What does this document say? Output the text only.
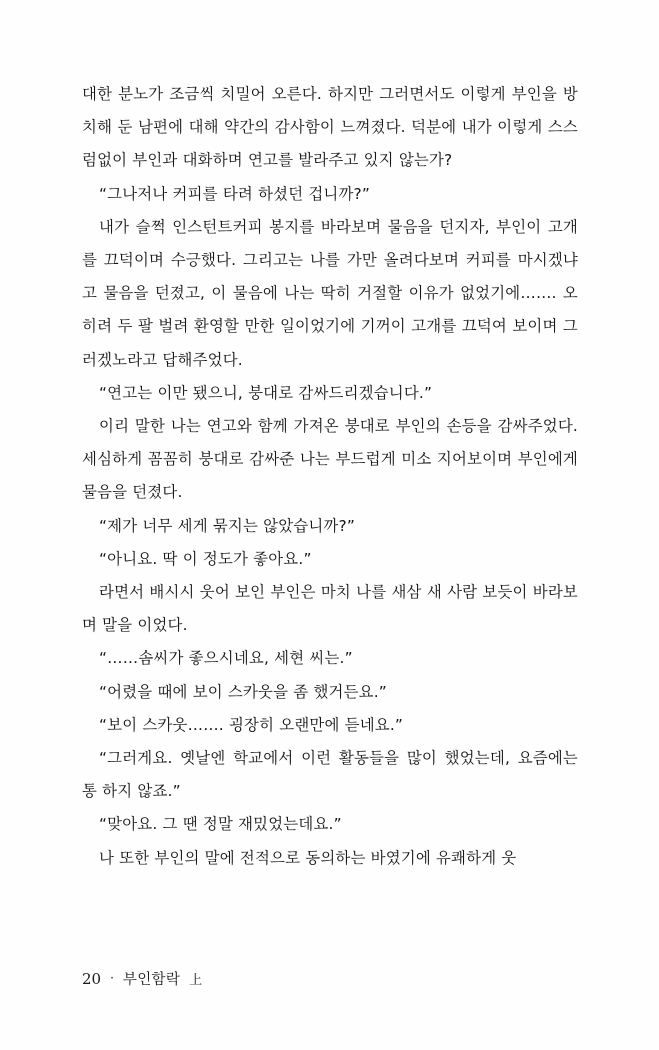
대한 분노가 조금씩 치밀어 오른다. 하지만 그러면서도 이렇게 부인을 방치해 둔 남편에 대해 약간의 감사함이 느껴졌다. 덕분에 내가 이렇게 스스럼없이 부인과 대화하며 연고를 발라주고 있지 않는가?

“그나저나 커피를 타려 하셨던 겁니까?”

내가 슬쩍 인스턴트커피 봉지를 바라보며 물음을 던지자, 부인이 고개를 끄덕이며 수긍했다. 그리고는 나를 가만 올려다보며 커피를 마시겠냐고 물음을 던졌고, 이 물음에 나는 딱히 거절할 이유가 없었기에……. 오히려 두 팔 벌려 환영할 만한 일이었기에 기꺼이 고개를 끄덕여 보이며 그러겠노라고 답해주었다.

“연고는 이만 됐으니, 붕대로 감싸드리겠습니다.”

이리 말한 나는 연고와 함께 가져온 붕대로 부인의 손등을 감싸주었다. 세심하게 꼼꼼히 붕대로 감싸준 나는 부드럽게 미소 지어보이며 부인에게 물음을 던졌다.

“제가 너무 세게 묶지는 않았습니까?”

“아니요. 딱 이 정도가 좋아요.”

라면서 배시시 웃어 보인 부인은 마치 나를 새삼 새 사람 보듯이 바라보며 말을 이었다.

“……솜씨가 좋으시네요, 세현 씨는.”

“어렸을 때에 보이 스카웃을 좀 했거든요.”

“보이 스카웃……. 굉장히 오랜만에 듣네요.”

“그러게요. 옛날엔 학교에서 이런 활동들을 많이 했었는데, 요즘에는 통 하지 않죠.”

“맞아요. 그 땐 정말 재밌었는데요.”

나 또한 부인의 말에 전적으로 동의하는 바였기에 유쾌하게 웃

20 · 부인함락 上
